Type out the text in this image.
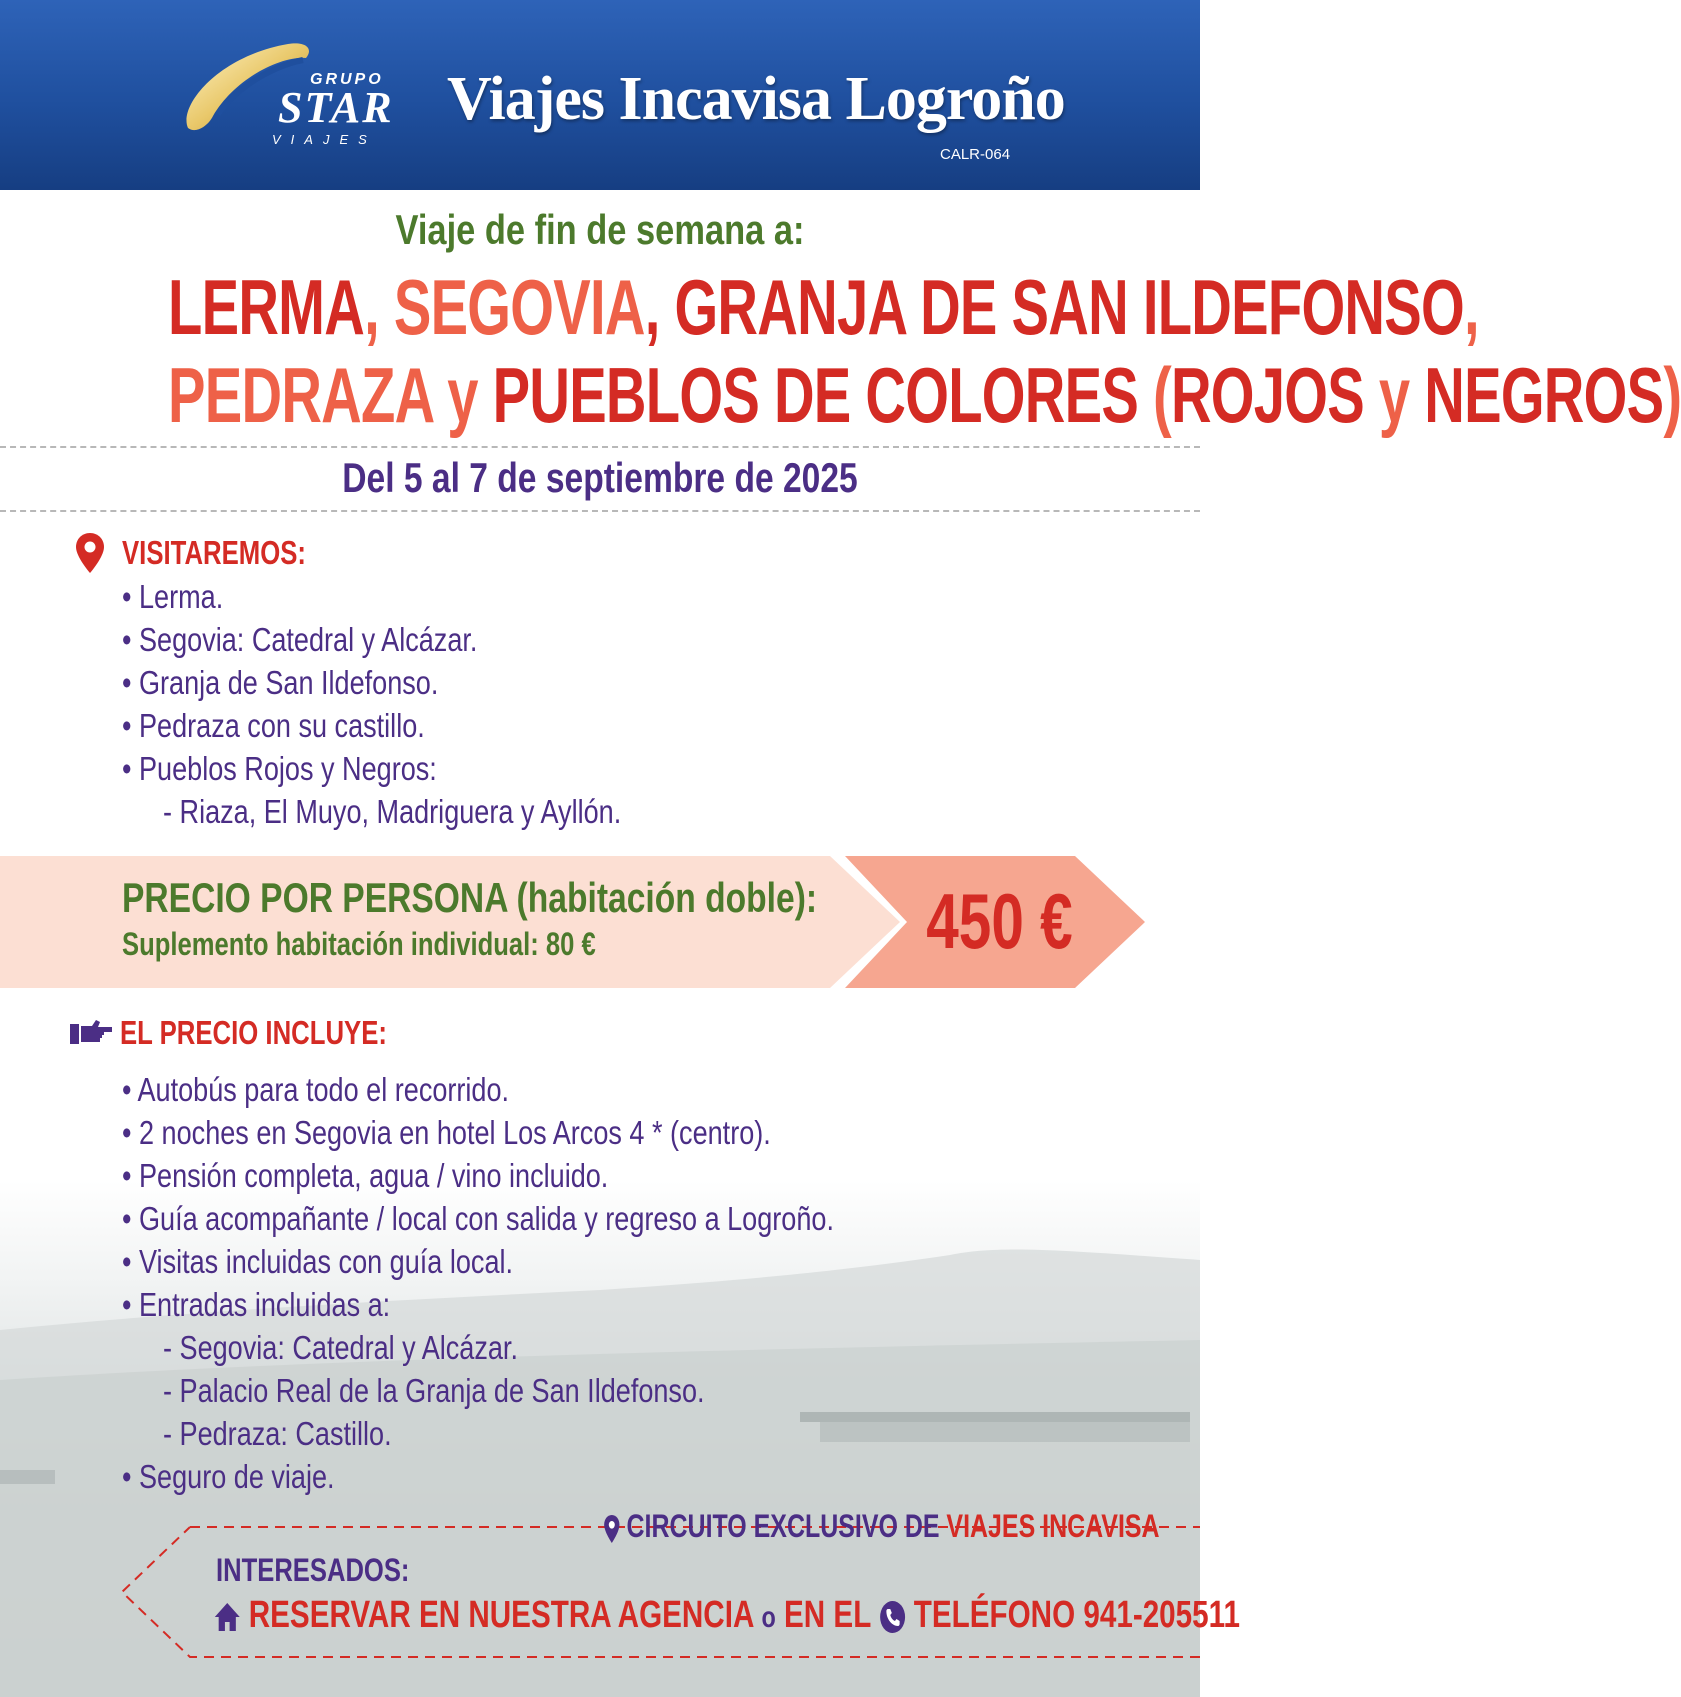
GRUPO
STAR
VIAJES
Viajes Incavisa Logroño
CALR-064
Viaje de fin de semana a:
LERMA, SEGOVIA, GRANJA DE SAN ILDEFONSO,
PEDRAZA y PUEBLOS DE COLORES (ROJOS y NEGROS)
Del 5 al 7 de septiembre de 2025
VISITAREMOS:
• Lerma.
• Segovia: Catedral y Alcázar.
• Granja de San Ildefonso.
• Pedraza con su castillo.
• Pueblos Rojos y Negros:
- Riaza, El Muyo, Madriguera y Ayllón.
PRECIO POR PERSONA (habitación doble):
Suplemento habitación individual: 80 €	450 €
EL PRECIO INCLUYE:
• Autobús para todo el recorrido.
• 2 noches en Segovia en hotel Los Arcos 4 * (centro).
• Pensión completa, agua / vino incluido.
• Guía acompañante / local con salida y regreso a Logroño.
• Visitas incluidas con guía local.
• Entradas incluidas a:
- Segovia: Catedral y Alcázar.
- Palacio Real de la Granja de San Ildefonso.
- Pedraza: Castillo.
• Seguro de viaje.
CIRCUITO EXCLUSIVO DE VIAJES INCAVISA
INTERESADOS:
RESERVAR EN NUESTRA AGENCIA o EN EL TELÉFONO 941-205511
